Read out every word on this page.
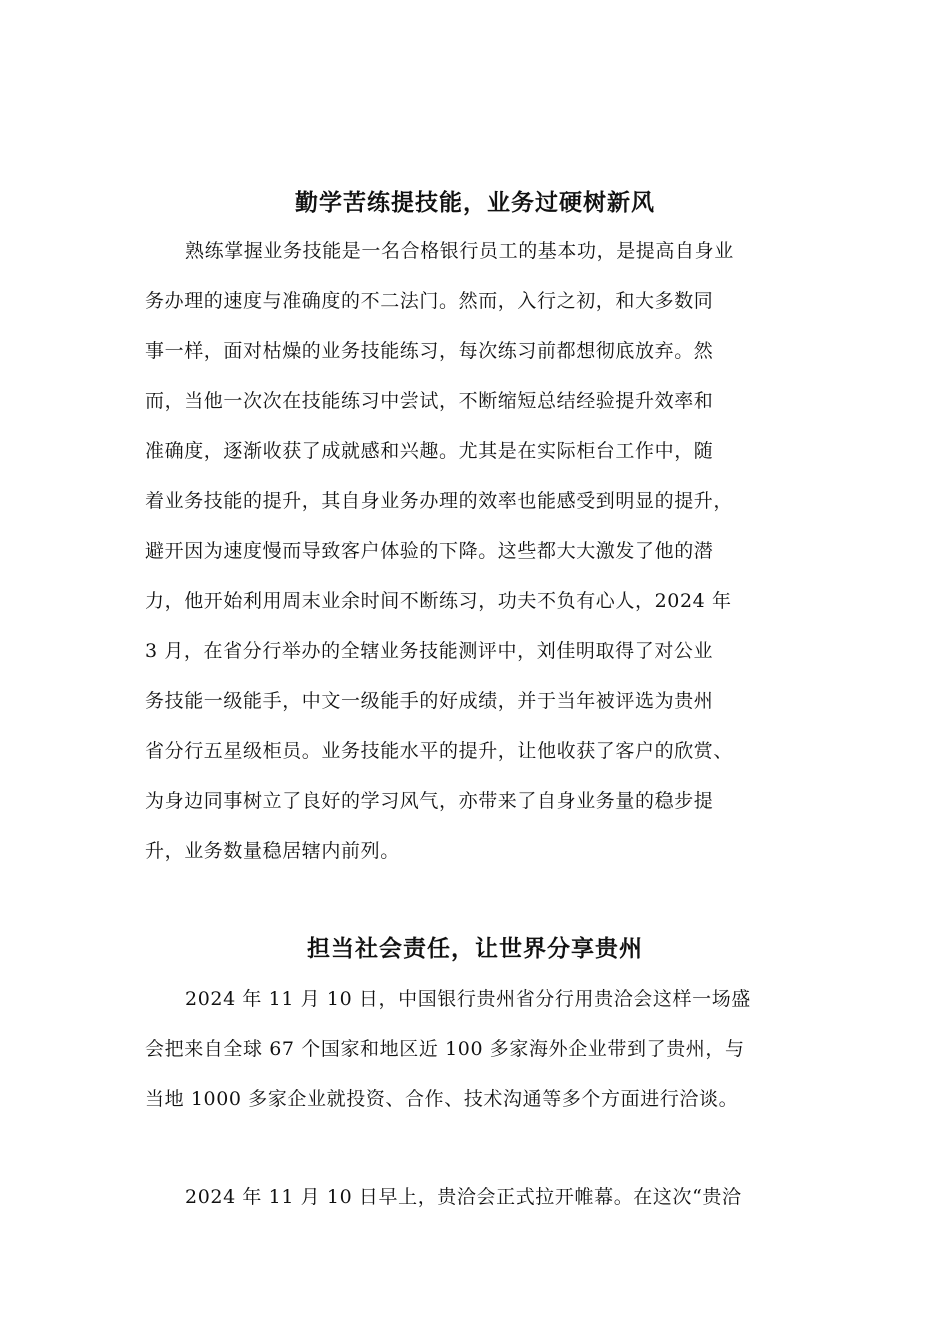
勤学苦练提技能，业务过硬树新风
熟练掌握业务技能是一名合格银行员工的基本功，是提高自身业
务办理的速度与准确度的不二法门。然而，入行之初，和大多数同
事一样，面对枯燥的业务技能练习，每次练习前都想彻底放弃。然
而，当他一次次在技能练习中尝试，不断缩短总结经验提升效率和
准确度，逐渐收获了成就感和兴趣。尤其是在实际柜台工作中，随
着业务技能的提升，其自身业务办理的效率也能感受到明显的提升，
避开因为速度慢而导致客户体验的下降。这些都大大激发了他的潜
力，他开始利用周末业余时间不断练习，功夫不负有心人，2024 年
3 月，在省分行举办的全辖业务技能测评中，刘佳明取得了对公业
务技能一级能手，中文一级能手的好成绩，并于当年被评选为贵州
省分行五星级柜员。业务技能水平的提升，让他收获了客户的欣赏、
为身边同事树立了良好的学习风气，亦带来了自身业务量的稳步提
升，业务数量稳居辖内前列。
担当社会责任，让世界分享贵州
2024 年 11 月 10 日，中国银行贵州省分行用贵洽会这样一场盛
会把来自全球 67 个国家和地区近 100 多家海外企业带到了贵州，与
当地 1000 多家企业就投资、合作、技术沟通等多个方面进行洽谈。
2024 年 11 月 10 日早上，贵洽会正式拉开帷幕。在这次“贵洽
